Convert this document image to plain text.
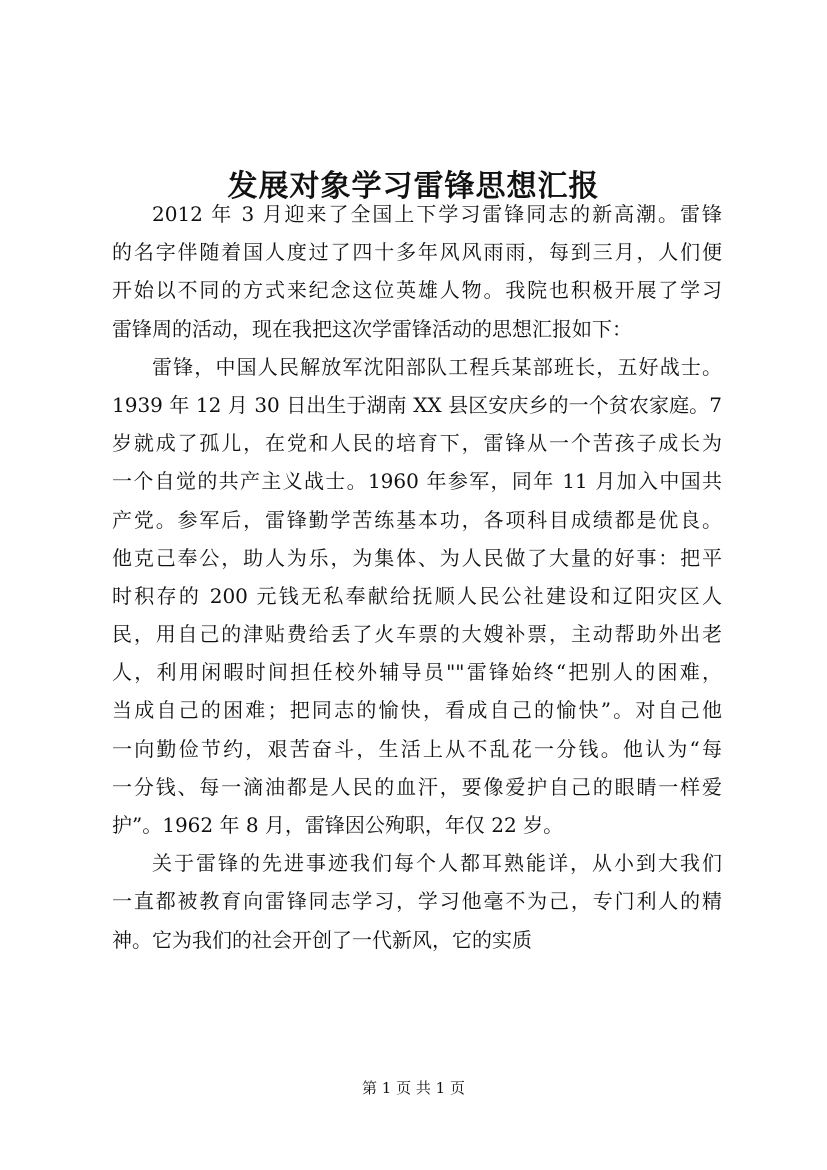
发展对象学习雷锋思想汇报
2012 年 3 月迎来了全国上下学习雷锋同志的新高潮。雷锋
的名字伴随着国人度过了四十多年风风雨雨，每到三月，人们便
开始以不同的方式来纪念这位英雄人物。我院也积极开展了学习
雷锋周的活动，现在我把这次学雷锋活动的思想汇报如下：
雷锋，中国人民解放军沈阳部队工程兵某部班长，五好战士。
1939 年 12 月 30 日出生于湖南 XX 县区安庆乡的一个贫农家庭。7
岁就成了孤儿，在党和人民的培育下，雷锋从一个苦孩子成长为
一个自觉的共产主义战士。1960 年参军，同年 11 月加入中国共
产党。参军后，雷锋勤学苦练基本功，各项科目成绩都是优良。
他克己奉公，助人为乐，为集体、为人民做了大量的好事：把平
时积存的 200 元钱无私奉献给抚顺人民公社建设和辽阳灾区人
民，用自己的津贴费给丢了火车票的大嫂补票，主动帮助外出老
人，利用闲暇时间担任校外辅导员""雷锋始终“把别人的困难，
当成自己的困难；把同志的愉快，看成自己的愉快”。对自己他
一向勤俭节约，艰苦奋斗，生活上从不乱花一分钱。他认为“每
一分钱、每一滴油都是人民的血汗，要像爱护自己的眼睛一样爱
护”。1962 年 8 月，雷锋因公殉职，年仅 22 岁。
关于雷锋的先进事迹我们每个人都耳熟能详，从小到大我们
一直都被教育向雷锋同志学习，学习他毫不为己，专门利人的精
神。它为我们的社会开创了一代新风，它的实质
第 1 页 共 1 页
